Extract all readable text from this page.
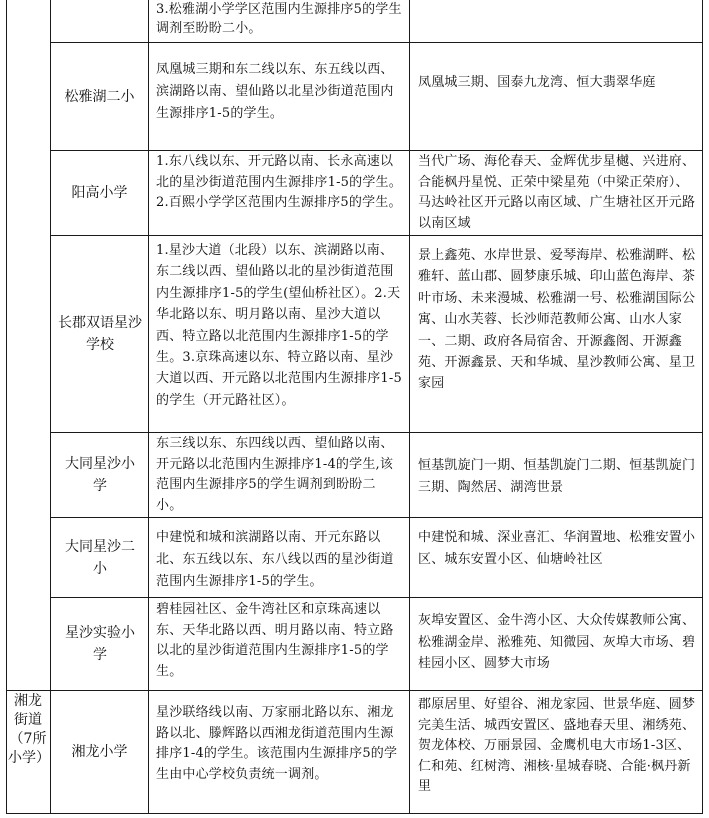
3.松雅湖小学学区范围内生源排序5的学生调剂至盼盼二小。
松雅湖二小
凤凰城三期和东二线以东、东五线以西、滨湖路以南、望仙路以北星沙街道范围内生源排序1-5的学生。
凤凰城三期、国泰九龙湾、恒大翡翠华庭
阳高小学
1.东八线以东、开元路以南、长永高速以北的星沙街道范围内生源排序1-5的学生。2.百熙小学学区范围内生源排序5的学生。
当代广场、海伦春天、金辉优步星樾、兴进府、合能枫丹星悦、正荣中梁星苑（中梁正荣府）、马达岭社区开元路以南区域、广生塘社区开元路以南区域
长郡双语星沙学校
1.星沙大道（北段）以东、滨湖路以南、东二线以西、望仙路以北的星沙街道范围内生源排序1-5的学生(望仙桥社区）。2.天华北路以东、明月路以南、星沙大道以西、特立路以北范围内生源排序1-5的学生。3.京珠高速以东、特立路以南、星沙大道以西、开元路以北范围内生源排序1-5的学生（开元路社区）。
景上鑫苑、水岸世景、爱琴海岸、松雅湖畔、松雅轩、蓝山郡、圆梦康乐城、印山蓝色海岸、茶叶市场、未来漫城、松雅湖一号、松雅湖国际公寓、山水芙蓉、长沙师范教师公寓、山水人家一、二期、政府各局宿舍、开源鑫阁、开源鑫苑、开源鑫景、天和华城、星沙教师公寓、星卫家园
大同星沙小学
东三线以东、东四线以西、望仙路以南、开元路以北范围内生源排序1-4的学生,该范围内生源排序5的学生调剂到盼盼二小。
恒基凯旋门一期、恒基凯旋门二期、恒基凯旋门三期、陶然居、湖湾世景
大同星沙二小
中建悦和城和滨湖路以南、开元东路以北、东五线以东、东八线以西的星沙街道范围内生源排序1-5的学生。
中建悦和城、深业喜汇、华润置地、松雅安置小区、城东安置小区、仙塘岭社区
星沙实验小学
碧桂园社区、金牛湾社区和京珠高速以东、天华北路以西、明月路以南、特立路以北的星沙街道范围内生源排序1-5的学生。
灰埠安置区、金牛湾小区、大众传媒教师公寓、松雅湖金岸、淞雅苑、知微园、灰埠大市场、碧桂园小区、圆梦大市场
湘龙街道
（7所小学）	湘龙小学
星沙联络线以南、万家丽北路以东、湘龙路以北、滕辉路以西湘龙街道范围内生源排序1-4的学生。该范围内生源排序5的学生由中心学校负责统一调剂。
郡原居里、好望谷、湘龙家园、世景华庭、圆梦完美生活、城西安置区、盛地春天里、湘绣苑、贺龙体校、万丽景园、金鹰机电大市场1-3区、仁和苑、红树湾、湘核·星城春晓、合能·枫丹新里
